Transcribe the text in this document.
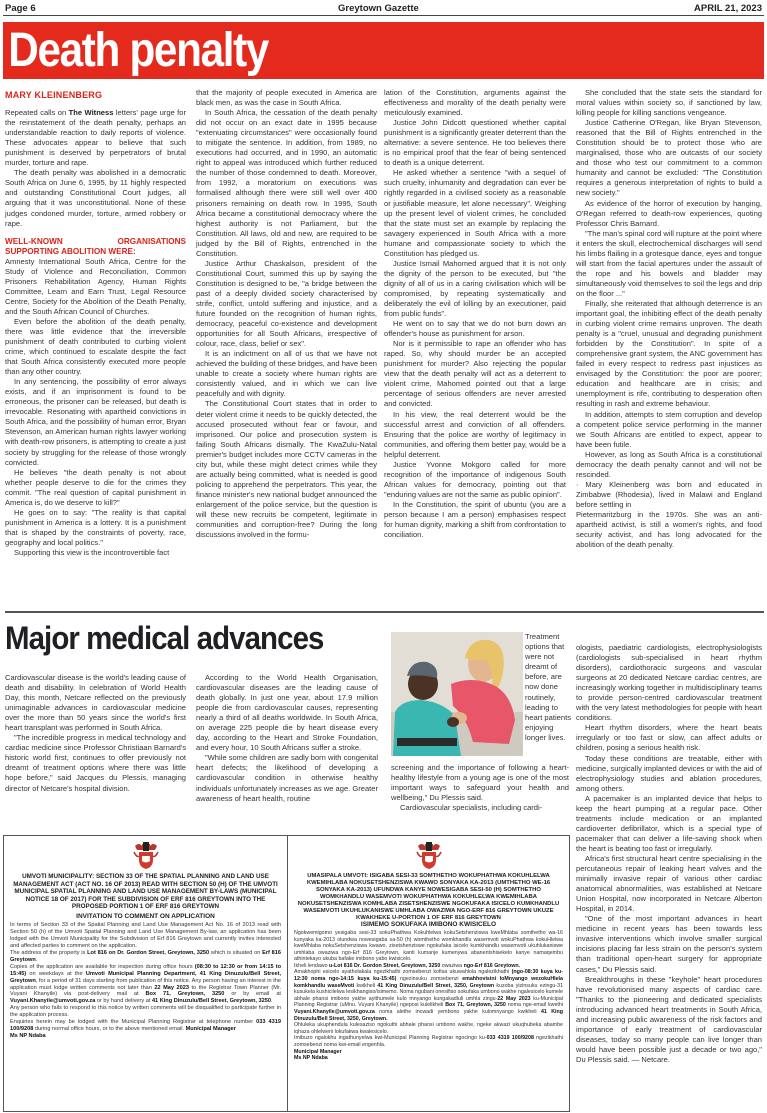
Page 6	Greytown Gazette	APRIL 21, 2023
Death penalty
MARY KLEINENBERG

Repeated calls on The Witness letters' page urge for the reinstatement of the death penalty, perhaps an understandable reaction to daily reports of violence. These advocates appear to believe that such punishment is deserved by perpetrators of brutal murder, torture and rape.

The death penalty was abolished in a democratic South Africa on June 6, 1995, by 11 highly respected and outstanding Constitutional Court judges, all arguing that it was unconstitutional. None of these judges condoned murder, torture, armed robbery or rape.

WELL-KNOWN ORGANISATIONS SUPPORTING ABOLITION WERE:

Amnesty International South Africa, Centre for the Study of Violence and Reconciliation, Common Prisoners Rehabilitation Agency, Human Rights Committee, Learn and Earn Trust, Legal Resource Centre, Society for the Abolition of the Death Penalty, and the South African Council of Churches.

Even before the abolition of the death penalty, there was little evidence that the irreversible punishment of death contributed to curbing violent crime, which continued to escalate despite the fact that South Africa consistently executed more people than any other country.

In any sentencing, the possibility of error always exists, and if an imprisonment is found to be erroneous, the prisoner can be released, but death is irrevocable. Resonating with apartheid convictions in South Africa, and the possibility of human error, Bryan Stevenson, an American human rights lawyer working with death-row prisoners, is attempting to create a just society by struggling for the release of those wrongly convicted.

He believes "the death penalty is not about whether people deserve to die for the crimes they commit. "The real question of capital punishment in America is, do we deserve to kill?"

He goes on to say: "The reality is that capital punishment in America is a lottery. It is a punishment that is shaped by the constraints of poverty, race, geography and local politics."

Supporting this view is the incontrovertible fact

that the majority of people executed in America are black men, as was the case in South Africa.

In South Africa, the cessation of the death penalty did not occur on an exact date in 1995 because "extenuating circumstances" were occasionally found to mitigate the sentence. In addition, from 1989, no executions had occurred, and in 1990, an automatic right to appeal was introduced which further reduced the number of those condemned to death. Moreover, from 1992, a moratorium on executions was formalised although there were still well over 400 prisoners remaining on death row. In 1995, South Africa became a constitutional democracy where the highest authority is not Parliament, but the Constitution. All laws, old and new, are required to be judged by the Bill of Rights, entrenched in the Constitution.

Justice Arthur Chaskalson, president of the Constitutional Court, summed this up by saying the Constitution is designed to be, "a bridge between the past of a deeply divided society characterised by strife, conflict, untold suffering and injustice, and a future founded on the recognition of human rights, democracy, peaceful co-existence and development opportunities for all South Africans, irrespective of colour, race, class, belief or sex".

It is an indictment on all of us that we have not achieved the building of these bridges, and have been unable to create a society where human rights are consistently valued, and in which we can live peacefully and with dignity.

The Constitutional Court states that in order to deter violent crime it needs to be quickly detected, the accused prosecuted without fear or favour, and imprisoned. Our police and prosecution system is failing South Africans dismally. The KwaZulu-Natal premier's budget includes more CCTV cameras in the city but, while these might detect crimes while they are actually being committed, what is needed is good policing to apprehend the perpetrators. This year, the finance minister's new national budget announced the enlargement of the police service, but the question is will these new recruits be competent, legitimate in communities and corruption-free? During the long discussions involved in the formu-

lation of the Constitution, arguments against the effectiveness and morality of the death penalty were meticulously examined.

Justice John Didcott questioned whether capital punishment is a significantly greater deterrent than the alternative: a severe sentence. He too believes there is no empirical proof that the fear of being sentenced to death is a unique deterrent.

He asked whether a sentence "with a sequel of such cruelty, inhumanity and degradation can ever be rightly regarded in a civilised society as a reasonable or justifiable measure, let alone necessary". Weighing up the present level of violent crimes, he concluded that the state must set an example by replacing the savagery experienced in South Africa with a more humane and compassionate society to which the Constitution has pledged us.

Justice Ismail Mahomed argued that it is not only the dignity of the person to be executed, but "the dignity of all of us in a caring civilisation which will be compromised, by repeating systematically and deliberately the evil of killing by an executioner, paid from public funds".

He went on to say that we do not burn down an offender's house as punishment for arson.

Nor is it permissible to rape an offender who has raped. So, why should murder be an accepted punishment for murder? Also rejecting the popular view that the death penalty will act as a deterrent to violent crime, Mahomed pointed out that a large percentage of serious offenders are never arrested and convicted.

In his view, the real deterrent would be the successful arrest and conviction of all offenders. Ensuring that the police are worthy of legitimacy in communities, and offering them better pay, would be a helpful deterrent.

Justice Yvonne Mokgoro called for more recognition of the importance of indigenous South African values for democracy, pointing out that "enduring values are not the same as public opinion".

In the Constitution, the spirit of ubuntu (you are a person because I am a person) emphasises respect for human dignity, marking a shift from confrontation to conciliation.

She concluded that the state sets the standard for moral values within society so, if sanctioned by law, killing people for killing sanctions vengeance.

Justice Catherine O'Regan, like Bryan Stevenson, reasoned that the Bill of Rights entrenched in the Constitution should be to protect those who are marginalised, those who are outcasts of our society and those who test our commitment to a common humanity and cannot be excluded: "The Constitution requires a generous interpretation of rights to build a new society."

As evidence of the horror of execution by hanging, O'Regan referred to death-row experiences, quoting Professor Chris Barnard.

"The man's spinal cord will rupture at the point where it enters the skull, electrochemical discharges will send his limbs flailing in a grotesque dance, eyes and tongue will start from the facial apertures under the assault of the rope and his bowels and bladder may simultaneously void themselves to soil the legs and drip on the floor ..."

Finally, she reiterated that although deterrence is an important goal, the inhibiting effect of the death penalty in curbing violent crime remains unproven. The death penalty is a "cruel, unusual and degrading punishment forbidden by the Constitution". In spite of a comprehensive grant system, the ANC government has failed in every respect to redress past injustices as envisaged by the Constitution: the poor are poorer; education and healthcare are in crisis; and unemployment is rife, contributing to desperation often resulting in rash and extreme behaviour.

In addition, attempts to stem corruption and develop a competent police service performing in the manner we South Africans are entitled to expect, appear to have been futile.

However, as long as South Africa is a constitutional democracy the death penalty cannot and will not be rescinded.

· Mary Kleinenberg was born and educated in Zimbabwe (Rhodesia), lived in Malawi and England before settling in

Pietermaritzburg in the 1970s. She was an anti-apartheid activist, is still a women's rights, and food security activist, and has long advocated for the abolition of the death penalty.

Major medical advances

Cardiovascular disease is the world's leading cause of death and disability. In celebration of World Health Day, this month, Netcare reflected on the previously unimaginable advances in cardiovascular medicine over the more than 50 years since the world's first heart transplant was performed in South Africa.

"The incredible progress in medical technology and cardiac medicine since Professor Christiaan Barnard's historic world first, continues to offer previously not dreamt of treatment options where there was little hope before," said Jacques du Plessis, managing director of Netcare's hospital division.

According to the World Health Organisation, cardiovascular diseases are the leading cause of death globally. In just one year, about 17.9 million people die from cardiovascular causes, representing nearly a third of all deaths worldwide. In South Africa, on average 225 people die by heart disease every day, according to the Heart and Stroke Foundation, and every hour, 10 South Africans suffer a stroke.

"While some children are sadly born with congenital heart defects; the likelihood of developing a cardiovascular condition in otherwise healthy individuals unfortunately increases as we age. Greater awareness of heart health, routine

Treatment options that were not dreamt of before, are now done routinely, leading to heart patients enjoying longer lives.

screening and the importance of following a heart-healthy lifestyle from a young age is one of the most important ways to safeguard your health and wellbeing," Du Plessis said.

Cardiovascular specialists, including cardi-

ologists, paediatric cardiologists, electrophysiologists (cardiologists sub-specialised in heart rhythm disorders), cardiothoracic surgeons and vascular surgeons at 20 dedicated Netcare cardiac centres, are increasingly working together in multidisciplinary teams to provide person-centred cardiovascular treatment with the very latest methodologies for people with heart conditions.

Heart rhythm disorders, where the heart beats irregularly or too fast or slow, can affect adults or children, posing a serious health risk.

Today these conditions are treatable, either with medicine, surgically implanted devices or with the aid of electrophysiology studies and ablation procedures, among others.

A pacemaker is an implanted device that helps to keep the heart pumping at a regular pace. Other treatments include medication or an implanted cardioverter defibrillator, which is a special type of pacemaker that can deliver a life-saving shock when the heart is beating too fast or irregularly.

Africa's first structural heart centre specialising in the percutaneous repair of leaking heart valves and the minimally invasive repair of various other cardiac anatomical abnormalities, was established at Netcare Union Hospital, now incorporated in Netcare Alberton Hospital, in 2014.

"One of the most important advances in heart medicine in recent years has been towards less invasive interventions which involve smaller surgical incisions placing far less strain on the person's system than traditional open-heart surgery for appropriate cases," Du Plessis said.

Breakthroughs in these "keyhole" heart procedures have revolutionised many aspects of cardiac care. "Thanks to the pioneering and dedicated specialists introducing advanced heart treatments in South Africa, and increasing public awareness of the risk factors and importance of early treatment of cardiovascular diseases, today so many people can live longer than would have been possible just a decade or two ago," Du Plessis said. — Netcare.

UMVOTI MUNICIPALITY: SECTION 33 OF THE SPATIAL PLANNING AND LAND USE MANAGEMENT ACT (ACT NO. 16 OF 2013) READ WITH SECTION 50 (H) OF THE UMVOTI MUNICIPAL SPATIAL PLANNING AND LAND USE MANAGEMENT BY-LAWS (MUNICIPAL NOTICE 18 OF 2017) FOR THE SUBDIVISION OF ERF 816 GREYTOWN INTO THE PROPOSED PORTION 1 OF ERF 816 GREYTOWN
INVITATION TO COMMENT ON APPLICATION
In terms of Section 33 of the Spatial Planning and Land Use Management Act No. 16 of 2013 read with Section 50 (h) of the Umvoti Spatial Planning and Land Use Management By-law, an application has been lodged with the Umvoti Municipality for the Subdivision of Erf 816 Greytown and currently invites interested and affected parties to comment on the application.
The address of the property is Lot 816 on Dr. Gordon Street, Greytown, 3250 which is situated on Erf 816 Greytown.
Copies of the application are available for inspection during office hours (08:30 to 12:30 or from 14:15 to 15:45) on weekdays at the Umvoti Municipal Planning Department, 41 King Dinuzulu/Bell Street, Greytown, for a period of 31 days starting from publication of this notice. Any person having an interest in the application must lodge written comments not later than 22 May 2023 to the Registrar Town Planner (Mr. Vuyani Khanyile) via post-delivery mail at Box 71, Greytown, 3250 or by email at Vuyani.Khanyile@umvoti.gov.za or by hand delivery at 41 King Dinuzulu/Bell Street, Greytown, 3250.
Any person who fails to respond to this notice by written comments will be disqualified to participate further in the application process.
Enquiries herein may be lodged with the Municipal Planning Registrar at telephone number 033 4319 100/9208 during normal office hours, or to the above mentioned email. Municipal Manager
Ms NP Ndaba
UMASIPALA UMVOTI: ISIGABA SESI-33 SOMTHETHO WOKUPHATHWA KOKUHLELWA KWEMIHLABA NOKUSETSHENZISWA KWAWO SONYAKA KA-2013 (UMTHETHO WE-16 SONYAKA KA-2013) UFUNDWA KANYE NOWESIGABA SESI-50 (H) SOMTHETHO WOMKHANDLU WASEMVOTI WOKUPHATHWA KOKUHLELWA KWEMIHLABA NOKUSETSHENZISWA KOMHLABA ZISETSHENZISWE NGOKUFAKA ISICELO KUMKHANDLU WASEMVOTI UKUHLUKANISWE UMHLABA OWAZIWA NGO-ERF 816 GREYTOWN UKUZE KWAKHEKE U-PORTION 1 OF ERF 816 GREYTOWN
ISIMEMO SOKUFAKA IMIBONO KWISICELO
Ngokwemigomo yesigaba sesi-33 sokuPhathwa Kokuhlelwa kokuSetshenziswa kweMhlaba somthetho wa-16 kunyaka ka-2013 olundwa nowesigaba sa-50 (h) womthetho womkhandlu wasemvoti wokuPhathwa kokuHlelwa kweMhlaba nokuSetshenziswa kwawo, zisetshenziswe ngokufaka isicelo kumkhandlu wasemvoti ukuhlukaniswe umhlaba owaziwa ngo-Erf 816 Greytown, kanti kumanje kumenywa abanentshisekelo kanye namaqembu athintekayo ukuba bafake imibono yabo kwisicelo.
Ikheli lendawo u-Lot 816 Dr. Gordon Street, Greytown, 3250 owaziwa ngo-Erf 816 Greytown.
Amakhophi esicelo ayatholakala ngezikhathi zomsebenzi kofisa ukuwahlola ngalezikhathi (ngo-08:30 kuya ku-12:30 noma ngo-14:15 kuya ku-15:45) ngezinsuku zomsebenzi emahhovisini loMnyango wezokuHlela komkhandlu waseMvoti kwikheli 41 King Dinuzulu/Bell Street, 3250, Greytown kuzoba yizinsuku ezingu-31 kusukela kushicilelwa lesikhangiso/isimemo. Noma ngubani onesifiso sokufaka umbono wakhe ngalesicelo kumele abhale phansi imibono yakhe ayithumele kulo mnyango kungakadluli umhla zingu-22 May 2023 ku-Municipal Planning Registrar (uMnu. Vuyani Khanyile) ngeposi kulelikheli Box 71, Greytown, 3250 noma nge-email kwethi Vuyani.Khanyile@umvoti.gov.za noma alethe incwadi yembono yakhe kulomnyango kwikheli 41 King Dinuzulu/Bell Street, 3250, Greytown.
Ohluleka ukuphendula kulesaziso ngokuthi abhale phansi umbono wakhe, ngeke akwazi ukuqhubeka abambe iqhaza ohlelweni lokufakwa kwalesicelo.
Imibuzo ngalokhu ingathunyelwa kwi-Municipal Planning Registrar ngocingo ku-033 4319 100/9208 ngezikhathi zomsebenzi noma kwi-email engenhla.
Municipal Manager
Ms NP Ndaba
